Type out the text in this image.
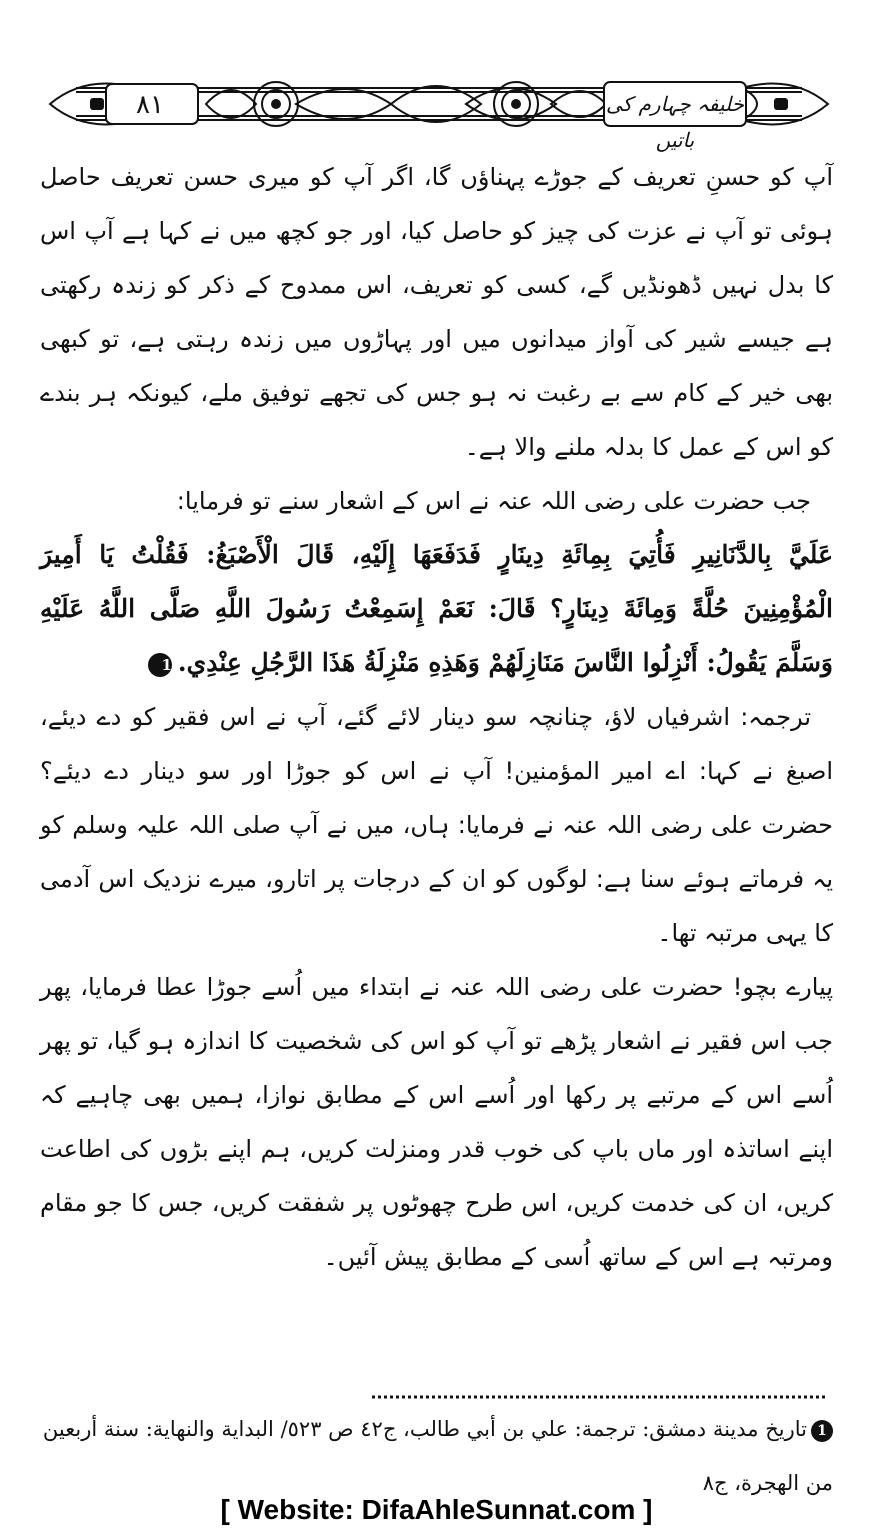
٨١	خلیفہ چہارم کی باتیں

آپ کو حسنِ تعریف کے جوڑے پہناؤں گا، اگر آپ کو میری حسن تعریف حاصل ہوئی تو آپ نے عزت کی چیز کو حاصل کیا، اور جو کچھ میں نے کہا ہے آپ اس کا بدل نہیں ڈھونڈیں گے، کسی کو تعریف، اس ممدوح کے ذکر کو زندہ رکھتی ہے جیسے شیر کی آواز میدانوں میں اور پہاڑوں میں زندہ رہتی ہے، تو کبھی بھی خیر کے کام سے بے رغبت نہ ہو جس کی تجھے توفیق ملے، کیونکہ ہر بندے کو اس کے عمل کا بدلہ ملنے والا ہے۔

جب حضرت علی رضی اللہ عنہ نے اس کے اشعار سنے تو فرمایا:

عَلَيَّ بِالدَّنَانِيرِ فَأُتِيَ بِمِائَةِ دِينَارٍ فَدَفَعَهَا إِلَيْهِ، قَالَ الْأَصْبَغُ: فَقُلْتُ يَا أَمِيرَ الْمُؤْمِنِينَ حُلَّةً وَمِائَةَ دِينَارٍ؟ قَالَ: نَعَمْ إِسَمِعْتُ رَسُولَ اللَّهِ صَلَّى اللَّهُ عَلَيْهِ وَسَلَّمَ يَقُولُ: أَنْزِلُوا النَّاسَ مَنَازِلَهُمْ وَهَذِهِ مَنْزِلَةُ هَذَا الرَّجُلِ عِنْدِي.1

ترجمہ: اشرفیاں لاؤ، چنانچہ سو دینار لائے گئے، آپ نے اس فقیر کو دے دیئے، اصبغ نے کہا: اے امیر المؤمنین! آپ نے اس کو جوڑا اور سو دینار دے دیئے؟ حضرت علی رضی اللہ عنہ نے فرمایا: ہاں، میں نے آپ صلی اللہ علیہ وسلم کو یہ فرماتے ہوئے سنا ہے: لوگوں کو ان کے درجات پر اتارو، میرے نزدیک اس آدمی کا یہی مرتبہ تھا۔

پیارے بچو! حضرت علی رضی اللہ عنہ نے ابتداء میں اُسے جوڑا عطا فرمایا، پھر جب اس فقیر نے اشعار پڑھے تو آپ کو اس کی شخصیت کا اندازہ ہو گیا، تو پھر اُسے اس کے مرتبے پر رکھا اور اُسے اس کے مطابق نوازا، ہمیں بھی چاہیے کہ اپنے اساتذہ اور ماں باپ کی خوب قدر ومنزلت کریں، ہم اپنے بڑوں کی اطاعت کریں، ان کی خدمت کریں، اس طرح چھوٹوں پر شفقت کریں، جس کا جو مقام ومرتبہ ہے اس کے ساتھ اُسی کے مطابق پیش آئیں۔

1تاريخ مدينة دمشق: ترجمة: علي بن أبي طالب، ج٤٢ ص ٥٢٣/ البداية والنهاية: سنة أربعين من الهجرة، ج٨

[ Website: DifaAhleSunnat.com ]
